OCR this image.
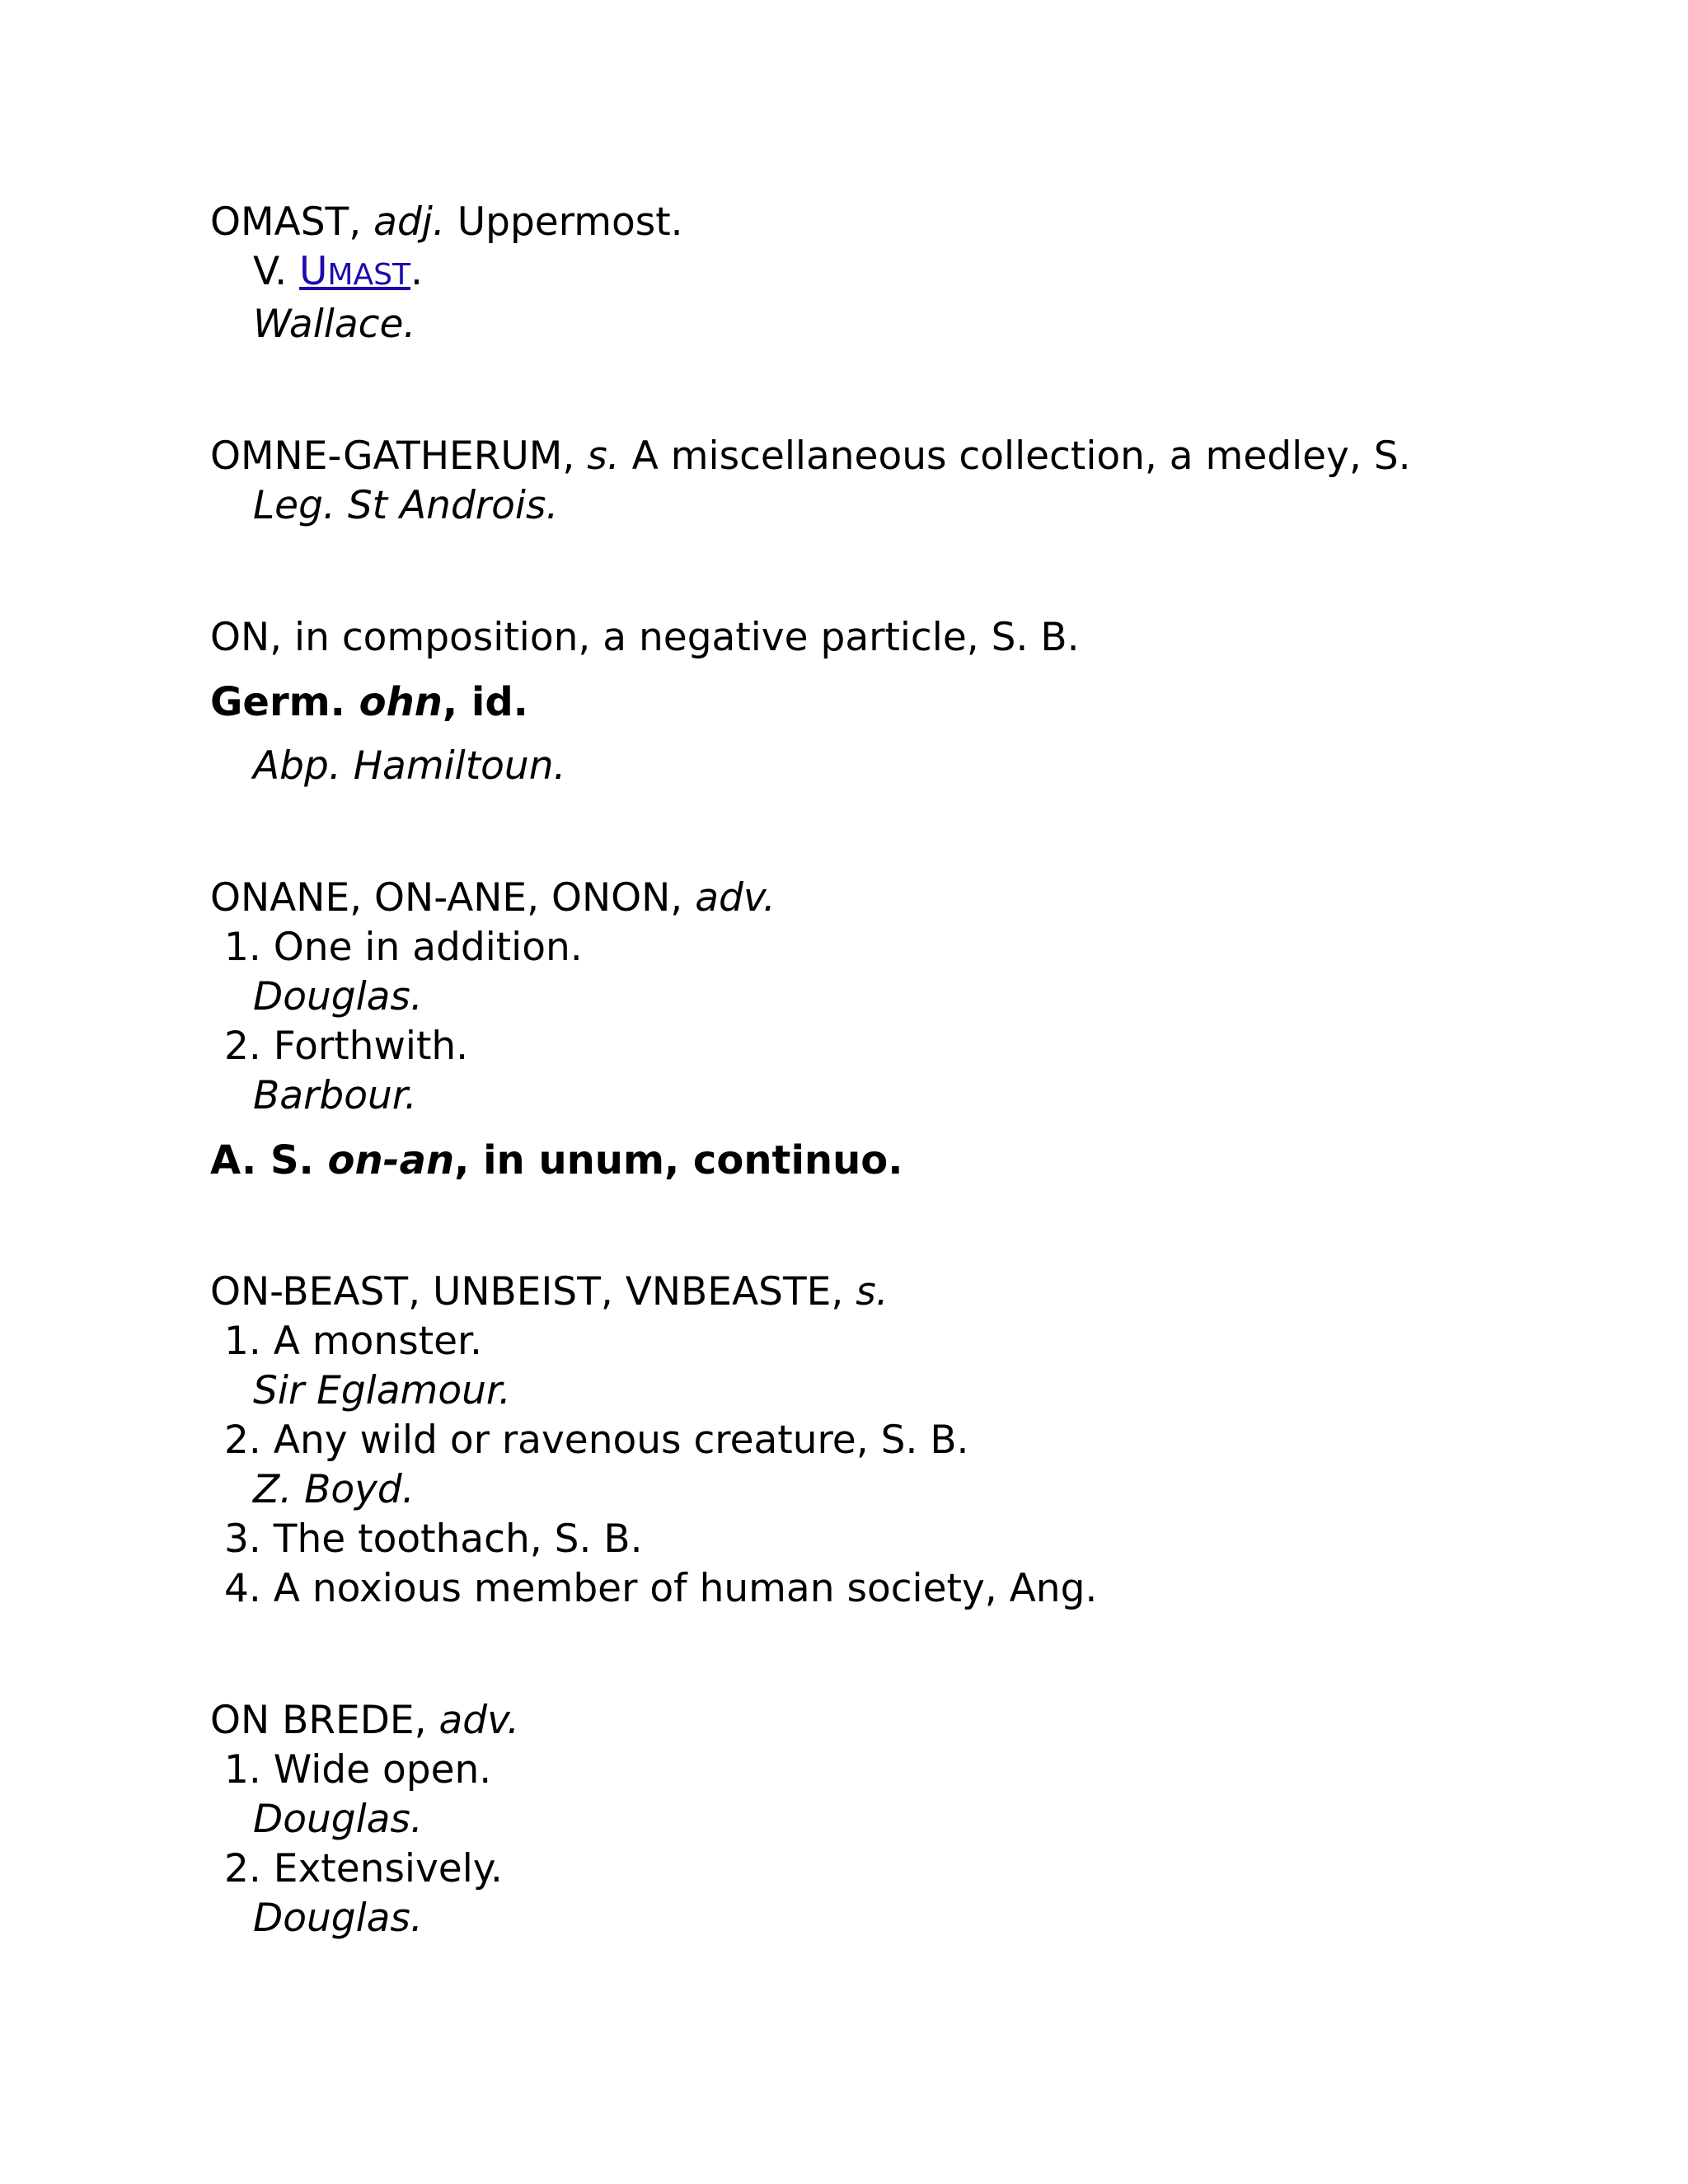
OMAST, adj. Uppermost.
V. UMAST.
Wallace.
OMNE-GATHERUM, s. A miscellaneous collection, a medley, S.
Leg. St Androis.
ON, in composition, a negative particle, S. B.
Germ. ohn, id.
Abp. Hamiltoun.
ONANE, ON-ANE, ONON, adv.
1. One in addition.
Douglas.
2. Forthwith.
Barbour.
A. S. on-an, in unum, continuo.
ON-BEAST, UNBEIST, VNBEASTE, s.
1. A monster.
Sir Eglamour.
2. Any wild or ravenous creature, S. B.
Z. Boyd.
3. The toothach, S. B.
4. A noxious member of human society, Ang.
ON BREDE, adv.
1. Wide open.
Douglas.
2. Extensively.
Douglas.
